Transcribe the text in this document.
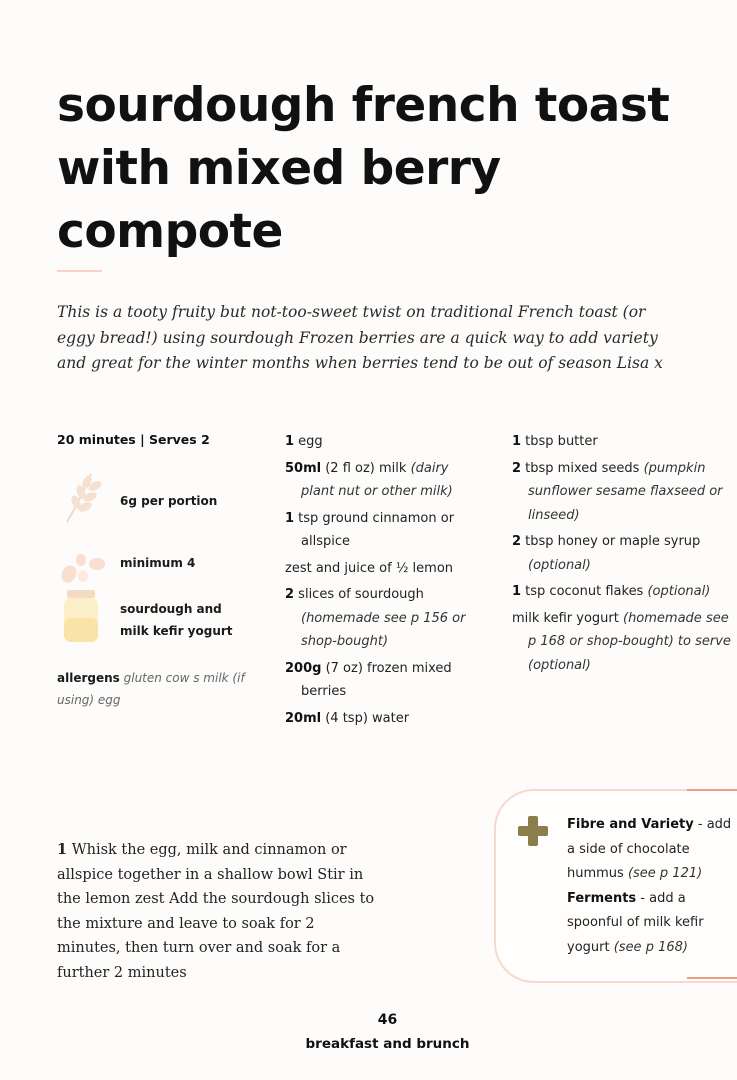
sourdough french toast
with mixed berry
compote

This is a tooty fruity but not-too-sweet twist on traditional French toast (or eggy bread!) using sourdough Frozen berries are a quick way to add variety and great for the winter months when berries tend to be out of season Lisa x

20 minutes | Serves 2
6g per portion
minimum 4
sourdough and
milk kefir yogurt
allergens gluten cow s milk (if using) egg
1 egg
50ml (2 fl oz) milk (dairy plant nut or other milk)
1 tsp ground cinnamon or allspice
zest and juice of ½ lemon
2 slices of sourdough (homemade see p 156 or shop-bought)
200g (7 oz) frozen mixed berries
20ml (4 tsp) water
1 tbsp butter
2 tbsp mixed seeds (pumpkin sunflower sesame flaxseed or linseed)
2 tbsp honey or maple syrup (optional)
1 tsp coconut flakes (optional)
milk kefir yogurt (homemade see p 168 or shop-bought) to serve (optional)

1 Whisk the egg, milk and cinnamon or allspice together in a shallow bowl Stir in the lemon zest Add the sourdough slices to the mixture and leave to soak for 2 minutes, then turn over and soak for a further 2 minutes

Fibre and Variety - add a side of chocolate hummus (see p 121) Ferments - add a spoonful of milk kefir yogurt (see p 168)
46
breakfast and brunch
